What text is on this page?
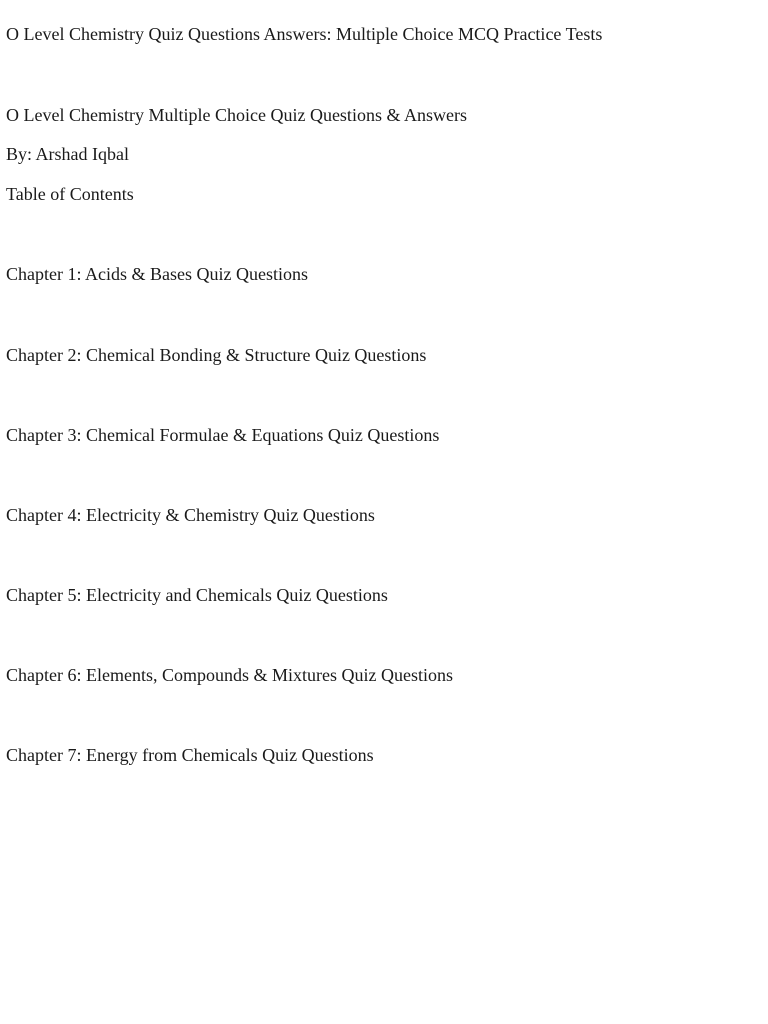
O Level Chemistry Quiz Questions Answers: Multiple Choice MCQ Practice Tests

O Level Chemistry Multiple Choice Quiz Questions & Answers

By: Arshad Iqbal

Table of Contents

Chapter 1: Acids & Bases Quiz Questions

Chapter 2: Chemical Bonding & Structure Quiz Questions

Chapter 3: Chemical Formulae & Equations Quiz Questions

Chapter 4: Electricity & Chemistry Quiz Questions

Chapter 5: Electricity and Chemicals Quiz Questions

Chapter 6: Elements, Compounds & Mixtures Quiz Questions

Chapter 7: Energy from Chemicals Quiz Questions
